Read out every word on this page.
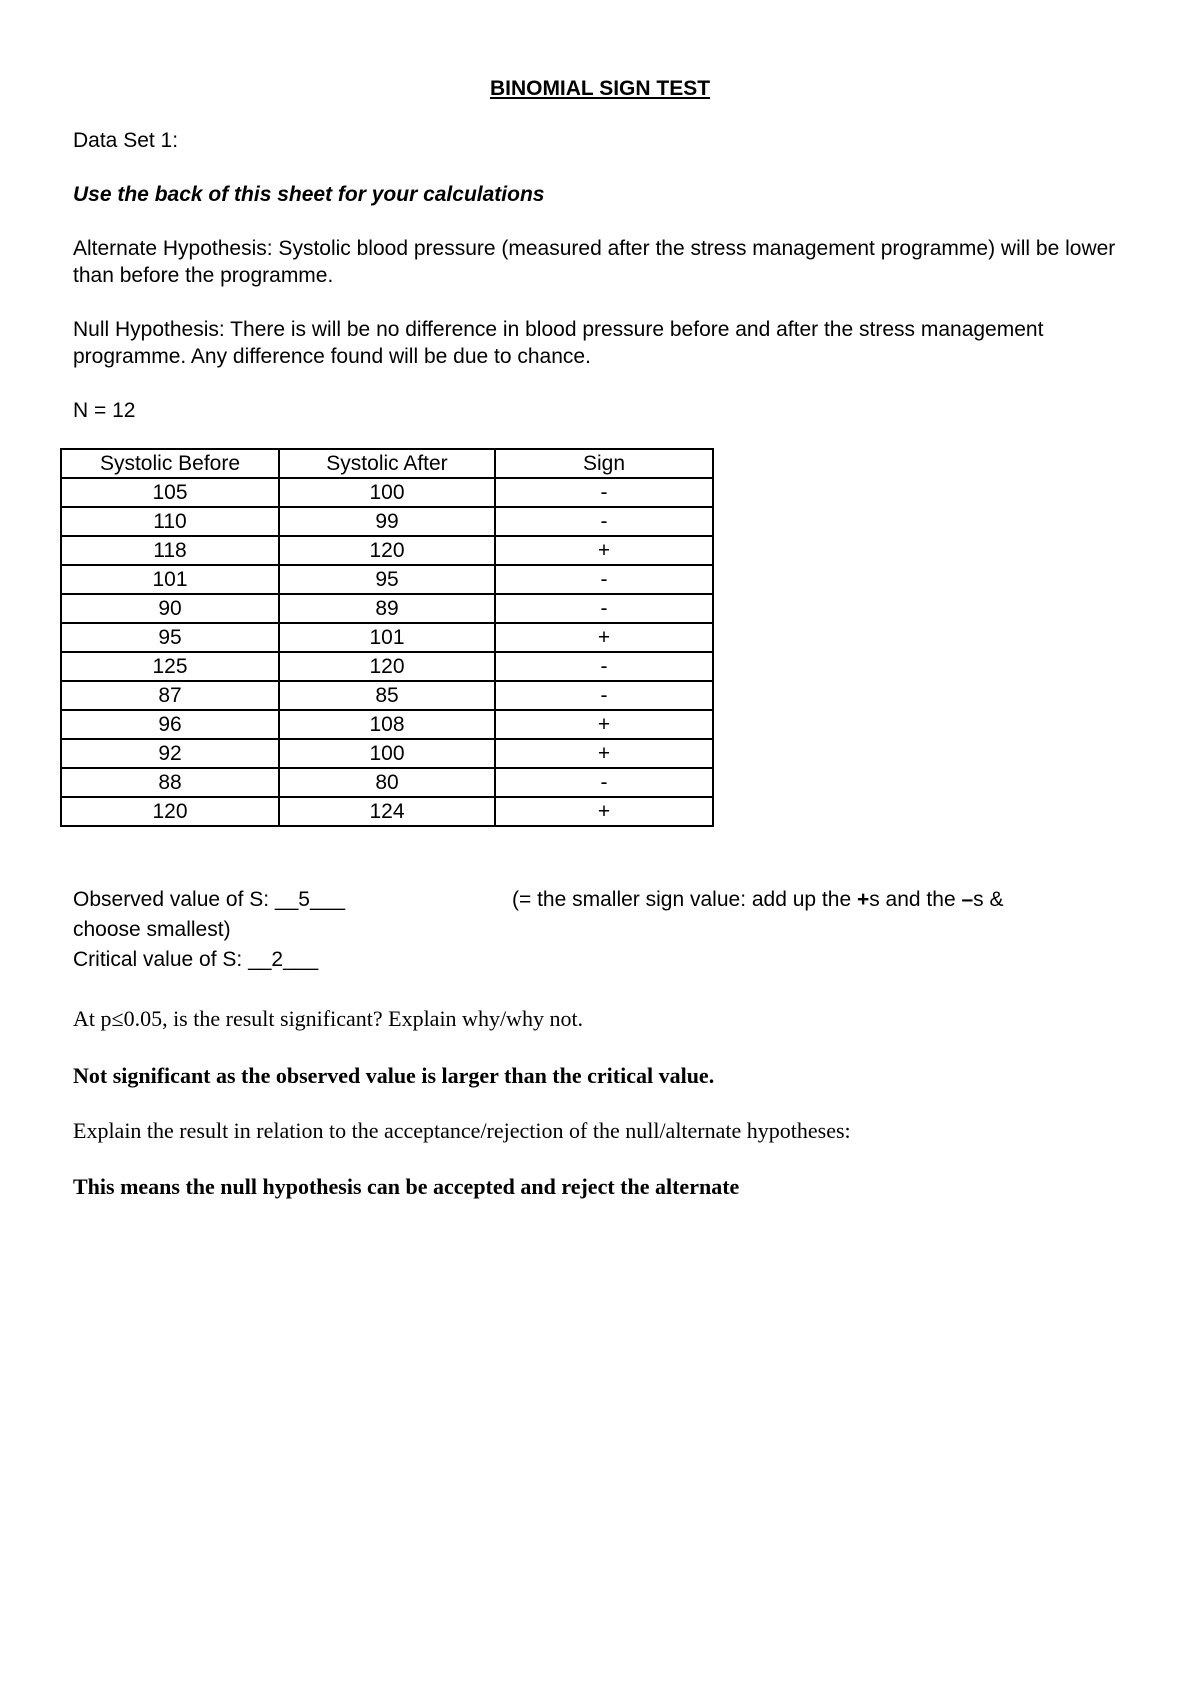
BINOMIAL SIGN TEST
Data Set 1:
Use the back of this sheet for your calculations
Alternate Hypothesis: Systolic blood pressure (measured after the stress management programme) will be lower than before the programme.
Null Hypothesis: There is will be no difference in blood pressure before and after the stress management programme. Any difference found will be due to chance.
N = 12
Systolic Before	Systolic After	Sign
105	100	-
110	99	-
118	120	+
101	95	-
90	89	-
95	101	+
125	120	-
87	85	-
96	108	+
92	100	+
88	80	-
120	124	+
Observed value of S: __5___	(= the smaller sign value: add up the +s and the –s &
choose smallest)
Critical value of S: __2___
At p≤0.05, is the result significant? Explain why/why not.
Not significant as the observed value is larger than the critical value.
Explain the result in relation to the acceptance/rejection of the null/alternate hypotheses:
This means the null hypothesis can be accepted and reject the alternate
